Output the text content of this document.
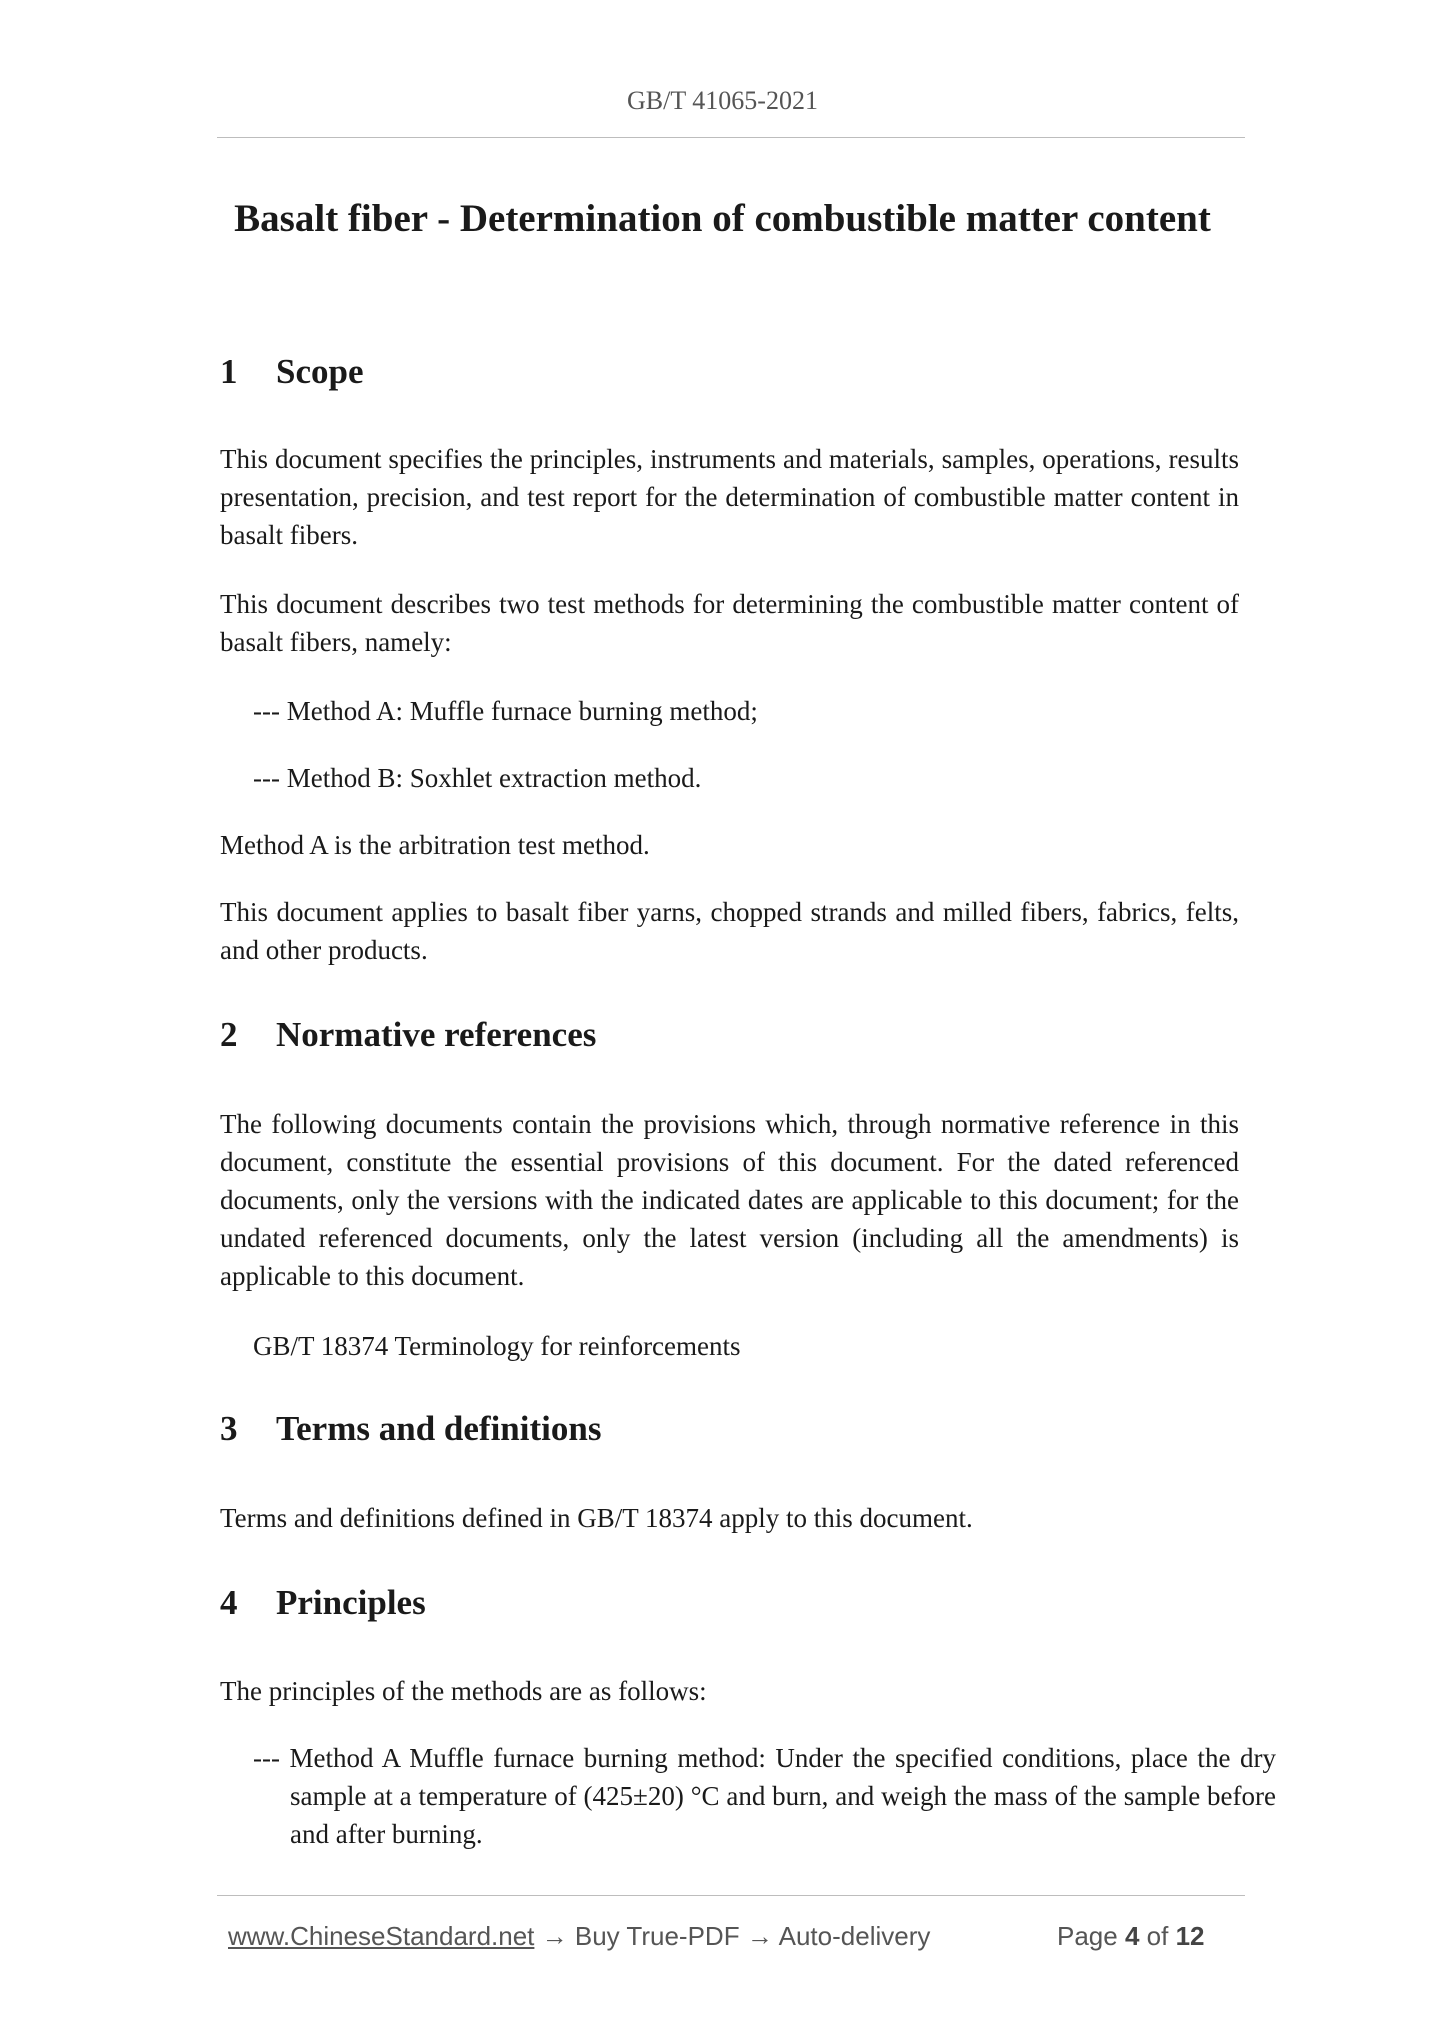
GB/T 41065-2021
Basalt fiber - Determination of combustible matter content
1 Scope
This document specifies the principles, instruments and materials, samples, operations, results presentation, precision, and test report for the determination of combustible matter content in basalt fibers.
This document describes two test methods for determining the combustible matter content of basalt fibers, namely:
--- Method A: Muffle furnace burning method;
--- Method B: Soxhlet extraction method.
Method A is the arbitration test method.
This document applies to basalt fiber yarns, chopped strands and milled fibers, fabrics, felts, and other products.
2 Normative references
The following documents contain the provisions which, through normative reference in this document, constitute the essential provisions of this document. For the dated referenced documents, only the versions with the indicated dates are applicable to this document; for the undated referenced documents, only the latest version (including all the amendments) is applicable to this document.
GB/T 18374 Terminology for reinforcements
3 Terms and definitions
Terms and definitions defined in GB/T 18374 apply to this document.
4 Principles
The principles of the methods are as follows:
--- Method A Muffle furnace burning method: Under the specified conditions, place the dry sample at a temperature of (425±20) °C and burn, and weigh the mass of the sample before and after burning.
www.ChineseStandard.net → Buy True-PDF → Auto-delivery	Page 4 of 12
